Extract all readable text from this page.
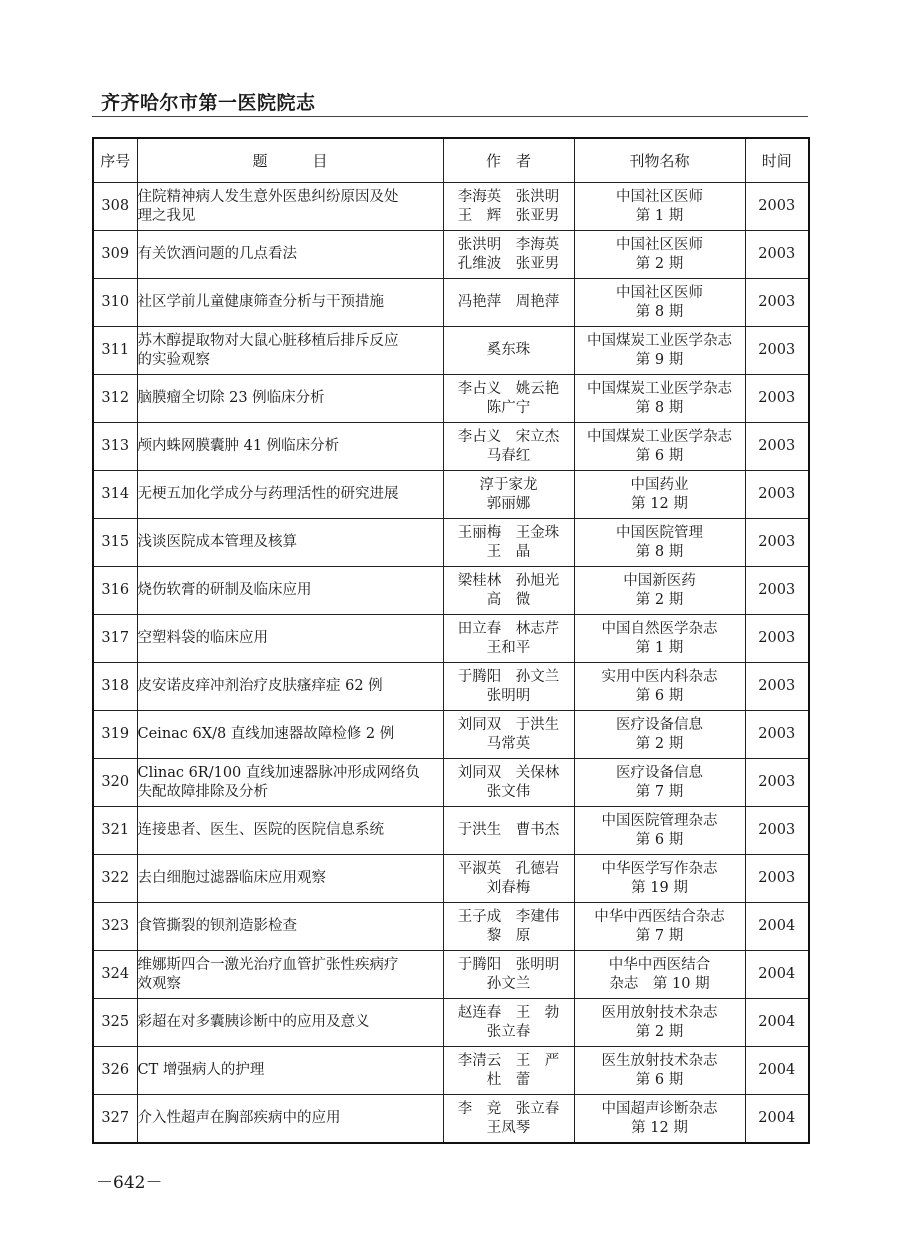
齐齐哈尔市第一医院院志
序号	题　　　目	作　者	刊物名称	时间
308	住院精神病人发生意外医患纠纷原因及处
理之我见	李海英　张洪明
王　辉　张亚男	中国社区医师
第 1 期	2003
309	有关饮酒问题的几点看法	张洪明　李海英
孔维波　张亚男	中国社区医师
第 2 期	2003
310	社区学前儿童健康筛查分析与干预措施	冯艳萍　周艳萍	中国社区医师
第 8 期	2003
311	苏木醇提取物对大鼠心脏移植后排斥反应
的实验观察	奚东珠	中国煤炭工业医学杂志
第 9 期	2003
312	脑膜瘤全切除 23 例临床分析	李占义　姚云艳
陈广宁	中国煤炭工业医学杂志
第 8 期	2003
313	颅内蛛网膜囊肿 41 例临床分析	李占义　宋立杰
马春红	中国煤炭工业医学杂志
第 6 期	2003
314	无梗五加化学成分与药理活性的研究进展	淳于家龙
郭丽娜	中国药业
第 12 期	2003
315	浅谈医院成本管理及核算	王丽梅　王金珠
王　晶	中国医院管理
第 8 期	2003
316	烧伤软膏的研制及临床应用	梁桂林　孙旭光
高　微	中国新医药
第 2 期	2003
317	空塑料袋的临床应用	田立春　林志芹
王和平	中国自然医学杂志
第 1 期	2003
318	皮安诺皮痒冲剂治疗皮肤瘙痒症 62 例	于腾阳　孙文兰
张明明	实用中医内科杂志
第 6 期	2003
319	Ceinac 6X/8 直线加速器故障检修 2 例	刘同双　于洪生
马常英	医疗设备信息
第 2 期	2003
320	Clinac 6R/100 直线加速器脉冲形成网络负
失配故障排除及分析	刘同双　关保林
张文伟	医疗设备信息
第 7 期	2003
321	连接患者、医生、医院的医院信息系统	于洪生　曹书杰	中国医院管理杂志
第 6 期	2003
322	去白细胞过滤器临床应用观察	平淑英　孔德岩
刘春梅	中华医学写作杂志
第 19 期	2003
323	食管撕裂的钡剂造影检查	王子成　李建伟
黎　原	中华中西医结合杂志
第 7 期	2004
324	维娜斯四合一激光治疗血管扩张性疾病疗
效观察	于腾阳　张明明
孙文兰	中华中西医结合
杂志　第 10 期	2004
325	彩超在对多囊胰诊断中的应用及意义	赵连春　王　勃
张立春	医用放射技术杂志
第 2 期	2004
326	CT 增强病人的护理	李清云　王　严
杜　蕾	医生放射技术杂志
第 6 期	2004
327	介入性超声在胸部疾病中的应用	李　竞　张立春
王凤琴	中国超声诊断杂志
第 12 期	2004
－642－
